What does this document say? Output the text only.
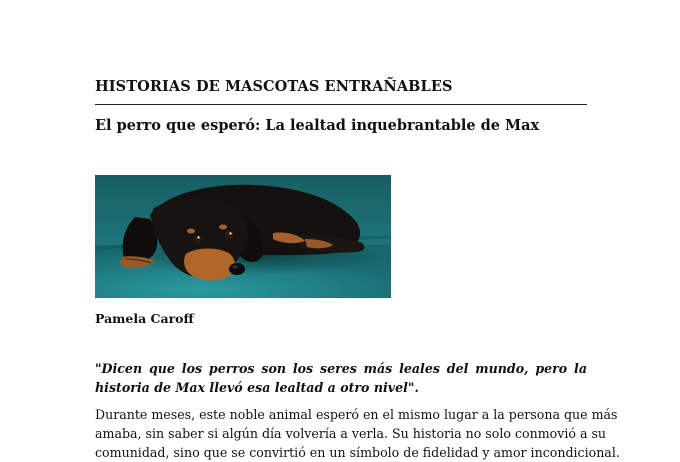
HISTORIAS DE MASCOTAS ENTRAÑABLES
El perro que esperó: La lealtad inquebrantable de Max
Pamela Caroff
"Dicen que los perros son los seres más leales del mundo, pero la
historia de Max llevó esa lealtad a otro nivel".
Durante meses, este noble animal esperó en el mismo lugar a la persona que más
amaba, sin saber si algún día volvería a verla. Su historia no solo conmovió a su
comunidad, sino que se convirtió en un símbolo de fidelidad y amor incondicional.
